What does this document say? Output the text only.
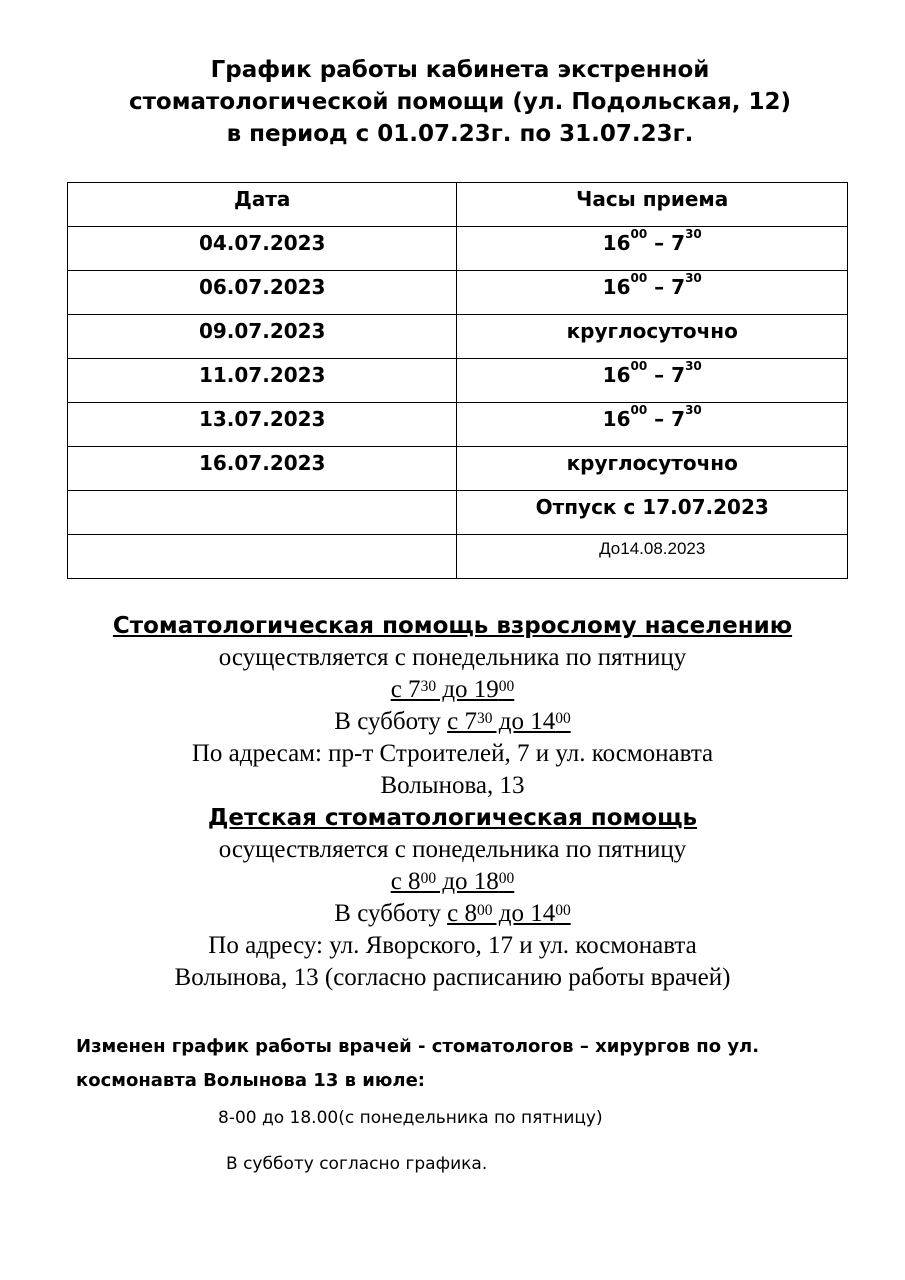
График работы кабинета экстренной
стоматологической помощи (ул. Подольская, 12)
в период с 01.07.23г. по 31.07.23г.
Дата	Часы приема
04.07.2023	$16^{00} - 7^{30}$
06.07.2023	$16^{00} - 7^{30}$
09.07.2023	круглосуточно
11.07.2023	$16^{00} - 7^{30}$
13.07.2023	$16^{00} - 7^{30}$
16.07.2023	круглосуточно
	Отпуск с 17.07.2023
	До14.08.2023
Стоматологическая помощь взрослому населению
осуществляется с понедельника по пятницу
с $7^{30}$ до $19^{00}$
В субботу с $7^{30}$ до $14^{00}$
По адресам: пр-т Строителей, 7 и ул. космонавта
Волынова, 13
Детская стоматологическая помощь
осуществляется с понедельника по пятницу
с $8^{00}$ до $18^{00}$
В субботу с $8^{00}$ до $14^{00}$
По адресу: ул. Яворского, 17 и ул. космонавта
Волынова, 13 (согласно расписанию работы врачей)
Изменен график работы врачей - стоматологов – хирургов по ул.
космонавта Волынова 13 в июле:
8-00 до 18.00(с понедельника по пятницу)
В субботу согласно графика.
